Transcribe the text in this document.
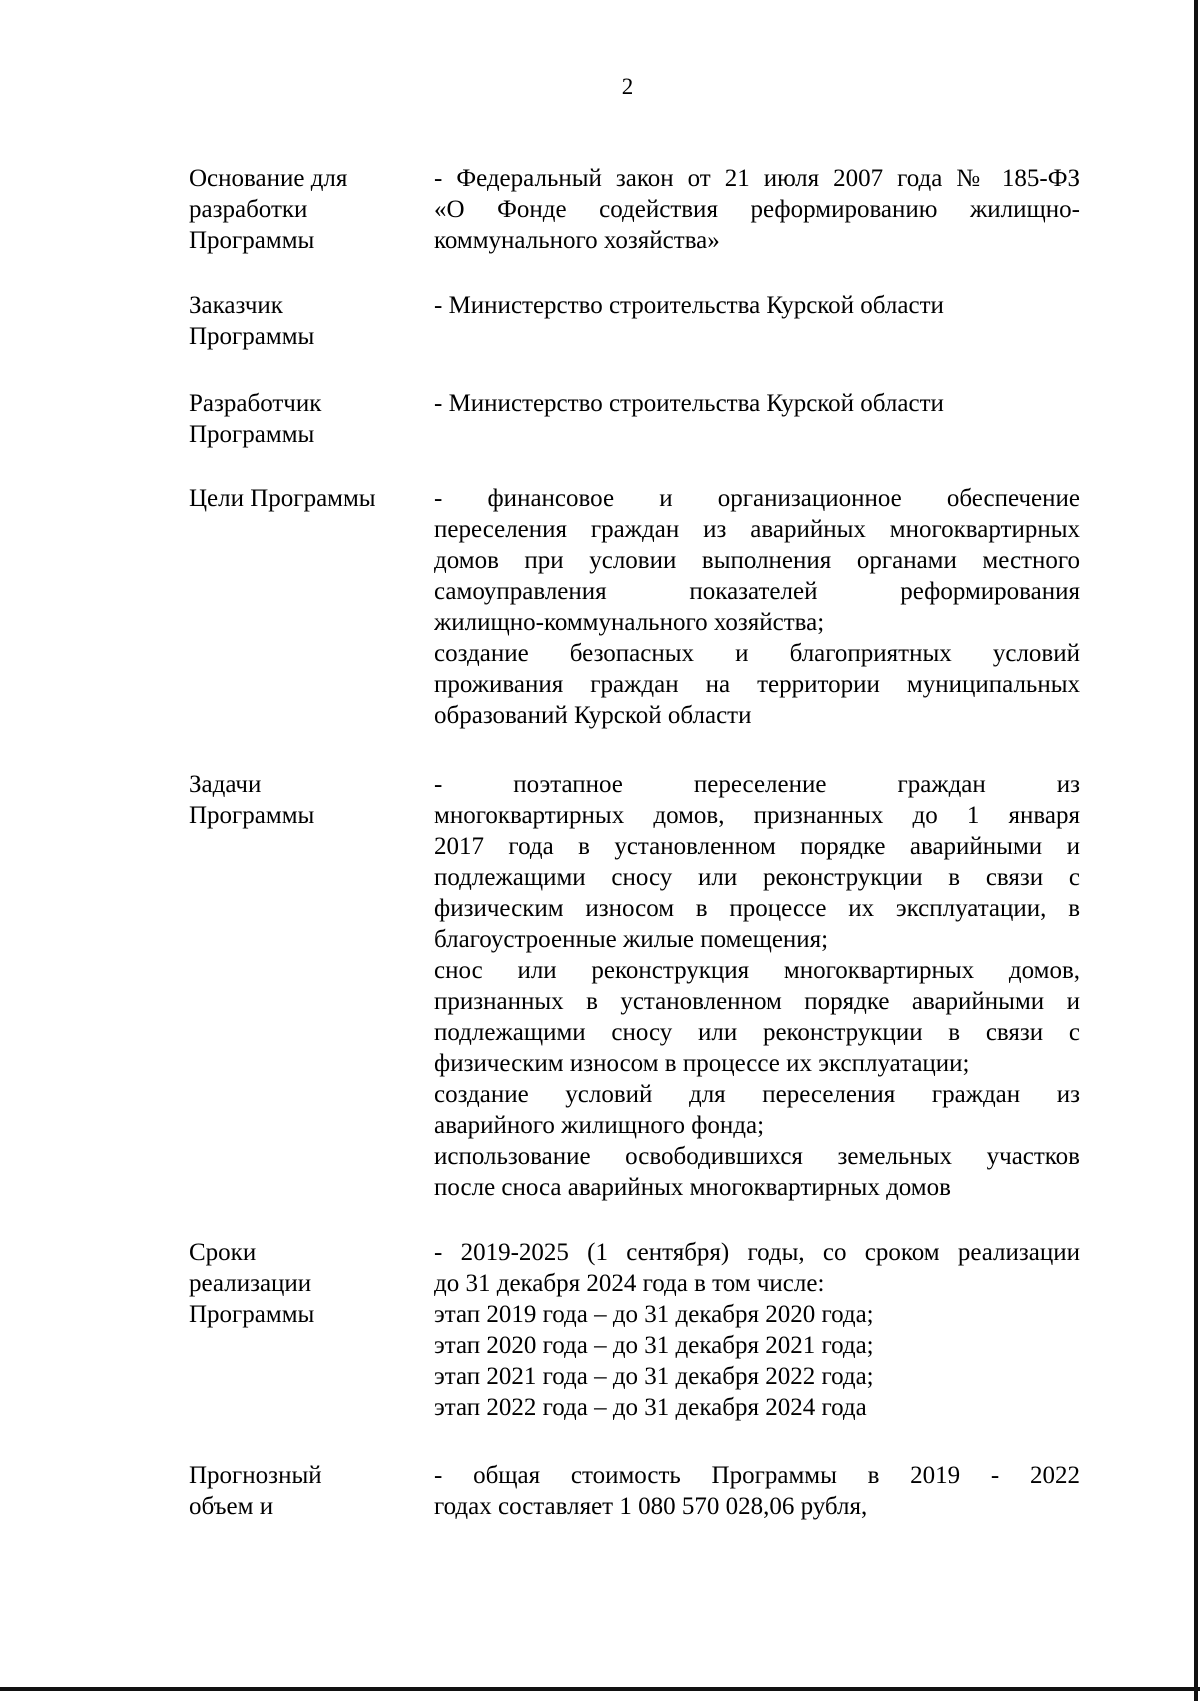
2
Основание для
разработки
Программы
- Федеральный закон от 21 июля 2007 года № 185-ФЗ
«О Фонде содействия реформированию жилищно-
коммунального хозяйства»
Заказчик
Программы
- Министерство строительства Курской области
Разработчик
Программы
- Министерство строительства Курской области
Цели Программы	- финансовое и организационное обеспечение
переселения граждан из аварийных многоквартирных
домов при условии выполнения органами местного
самоуправления показателей реформирования
жилищно-коммунального хозяйства;
создание безопасных и благоприятных условий
проживания граждан на территории муниципальных
образований Курской области
Задачи
Программы
- поэтапное переселение граждан из
многоквартирных домов, признанных до 1 января
2017 года в установленном порядке аварийными и
подлежащими сносу или реконструкции в связи с
физическим износом в процессе их эксплуатации, в
благоустроенные жилые помещения;
снос или реконструкция многоквартирных домов,
признанных в установленном порядке аварийными и
подлежащими сносу или реконструкции в связи с
физическим износом в процессе их эксплуатации;
создание условий для переселения граждан из
аварийного жилищного фонда;
использование освободившихся земельных участков
после сноса аварийных многоквартирных домов
Сроки
реализации
Программы
- 2019-2025 (1 сентября) годы, со сроком реализации
до 31 декабря 2024 года в том числе:
этап 2019 года – до 31 декабря 2020 года;
этап 2020 года – до 31 декабря 2021 года;
этап 2021 года – до 31 декабря 2022 года;
этап 2022 года – до 31 декабря 2024 года
Прогнозный
объем и
- общая стоимость Программы в 2019 - 2022
годах составляет 1 080 570 028,06 рубля,
